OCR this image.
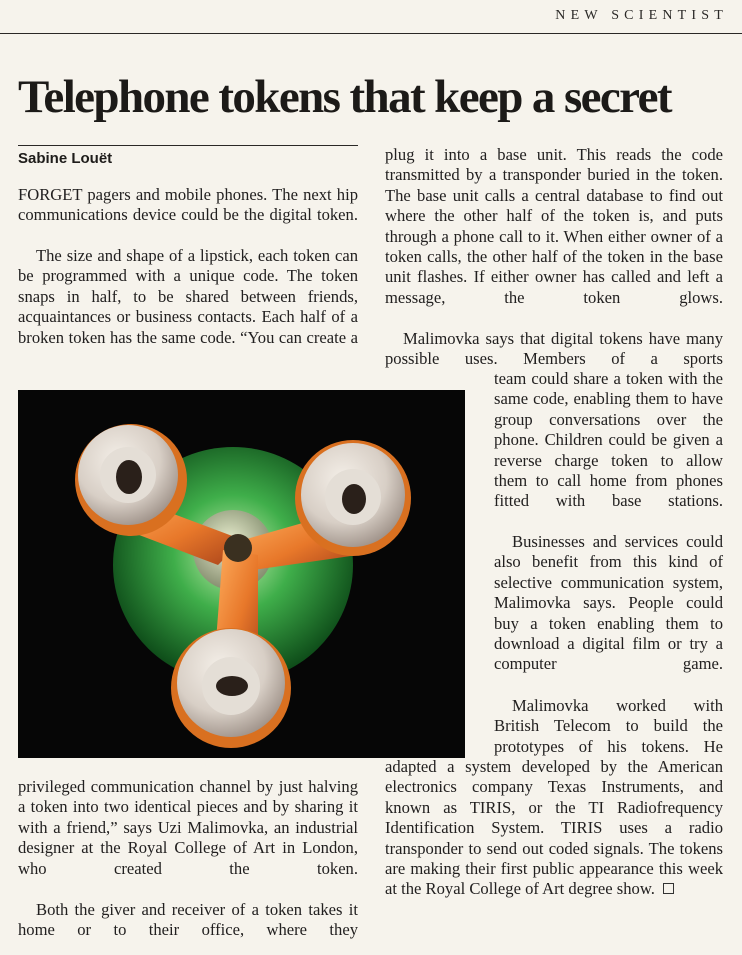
NEW SCIENTIST
Telephone tokens that keep a secret

Sabine Louët

FORGET pagers and mobile phones. The next hip communications device could be the digital token.

The size and shape of a lipstick, each token can be programmed with a unique code. The token snaps in half, to be shared between friends, acquaintances or business contacts. Each half of a broken token has the same code. “You can create a

privileged communication channel by just halving a token into two identical pieces and by sharing it with a friend,” says Uzi Malimovka, an industrial designer at the Royal College of Art in London, who created the token.

Both the giver and receiver of a token takes it home or to their office, where they

plug it into a base unit. This reads the code transmitted by a transponder buried in the token. The base unit calls a central database to find out where the other half of the token is, and puts through a phone call to it. When either owner of a token calls, the other half of the token in the base unit flashes. If either owner has called and left a message, the token glows.

Malimovka says that digital tokens have many possible uses. Members of a sports

team could share a token with the same code, enabling them to have group conversations over the phone. Children could be given a reverse charge token to allow them to call home from phones fitted with base stations.

Businesses and services could also benefit from this kind of selective communication system, Malimovka says. People could buy a token enabling them to download a digital film or try a computer game.

Malimovka worked with British Telecom to build the prototypes of his tokens. He

adapted a system developed by the American electronics company Texas Instruments, and known as TIRIS, or the TI Radiofrequency Identification System. TIRIS uses a radio transponder to send out coded signals. The tokens are making their first public appearance this week at the Royal College of Art degree show.
